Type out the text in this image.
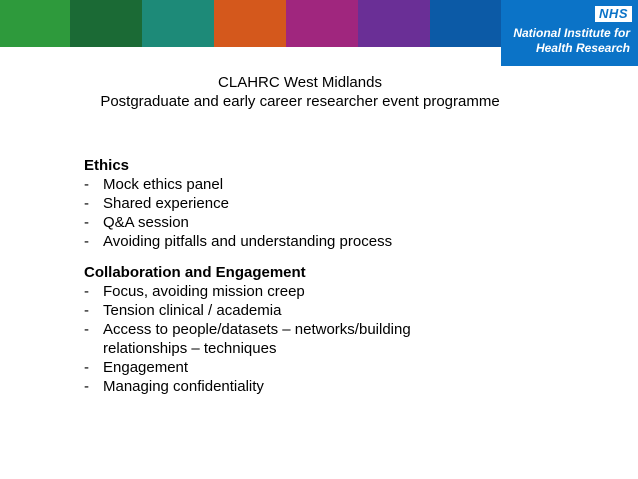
NHS
National Institute for
Health Research
CLAHRC West Midlands
Postgraduate and early career researcher event programme
Ethics
- Mock ethics panel
- Shared experience
- Q&A session
- Avoiding pitfalls and understanding process
Collaboration and Engagement
- Focus, avoiding mission creep
- Tension clinical / academia
- Access to people/datasets – networks/building relationships – techniques
- Engagement
- Managing confidentiality
